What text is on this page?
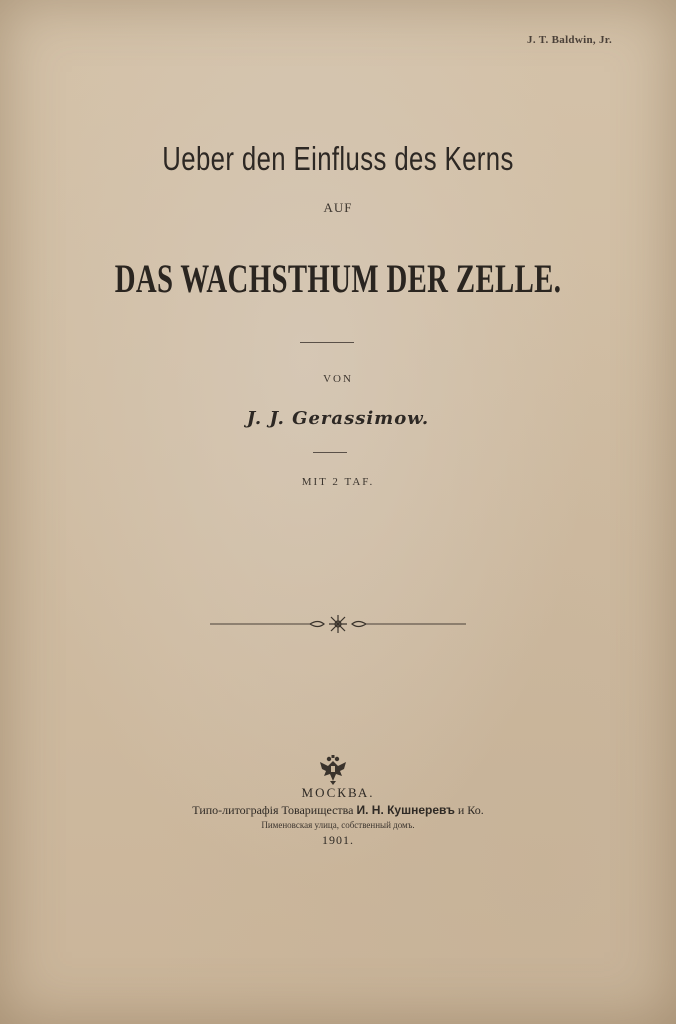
J. T. Baldwin, Jr.
Ueber den Einfluss des Kerns
AUF
DAS WACHSTHUM DER ZELLE.
VON
J. J. Gerassimow.
MIT 2 TAF.
МОСКВА.
Типо-литографія Товарищества И. Н. Кушнеревъ и Ко.
Пименовская улица, собственный домъ.
1901.
